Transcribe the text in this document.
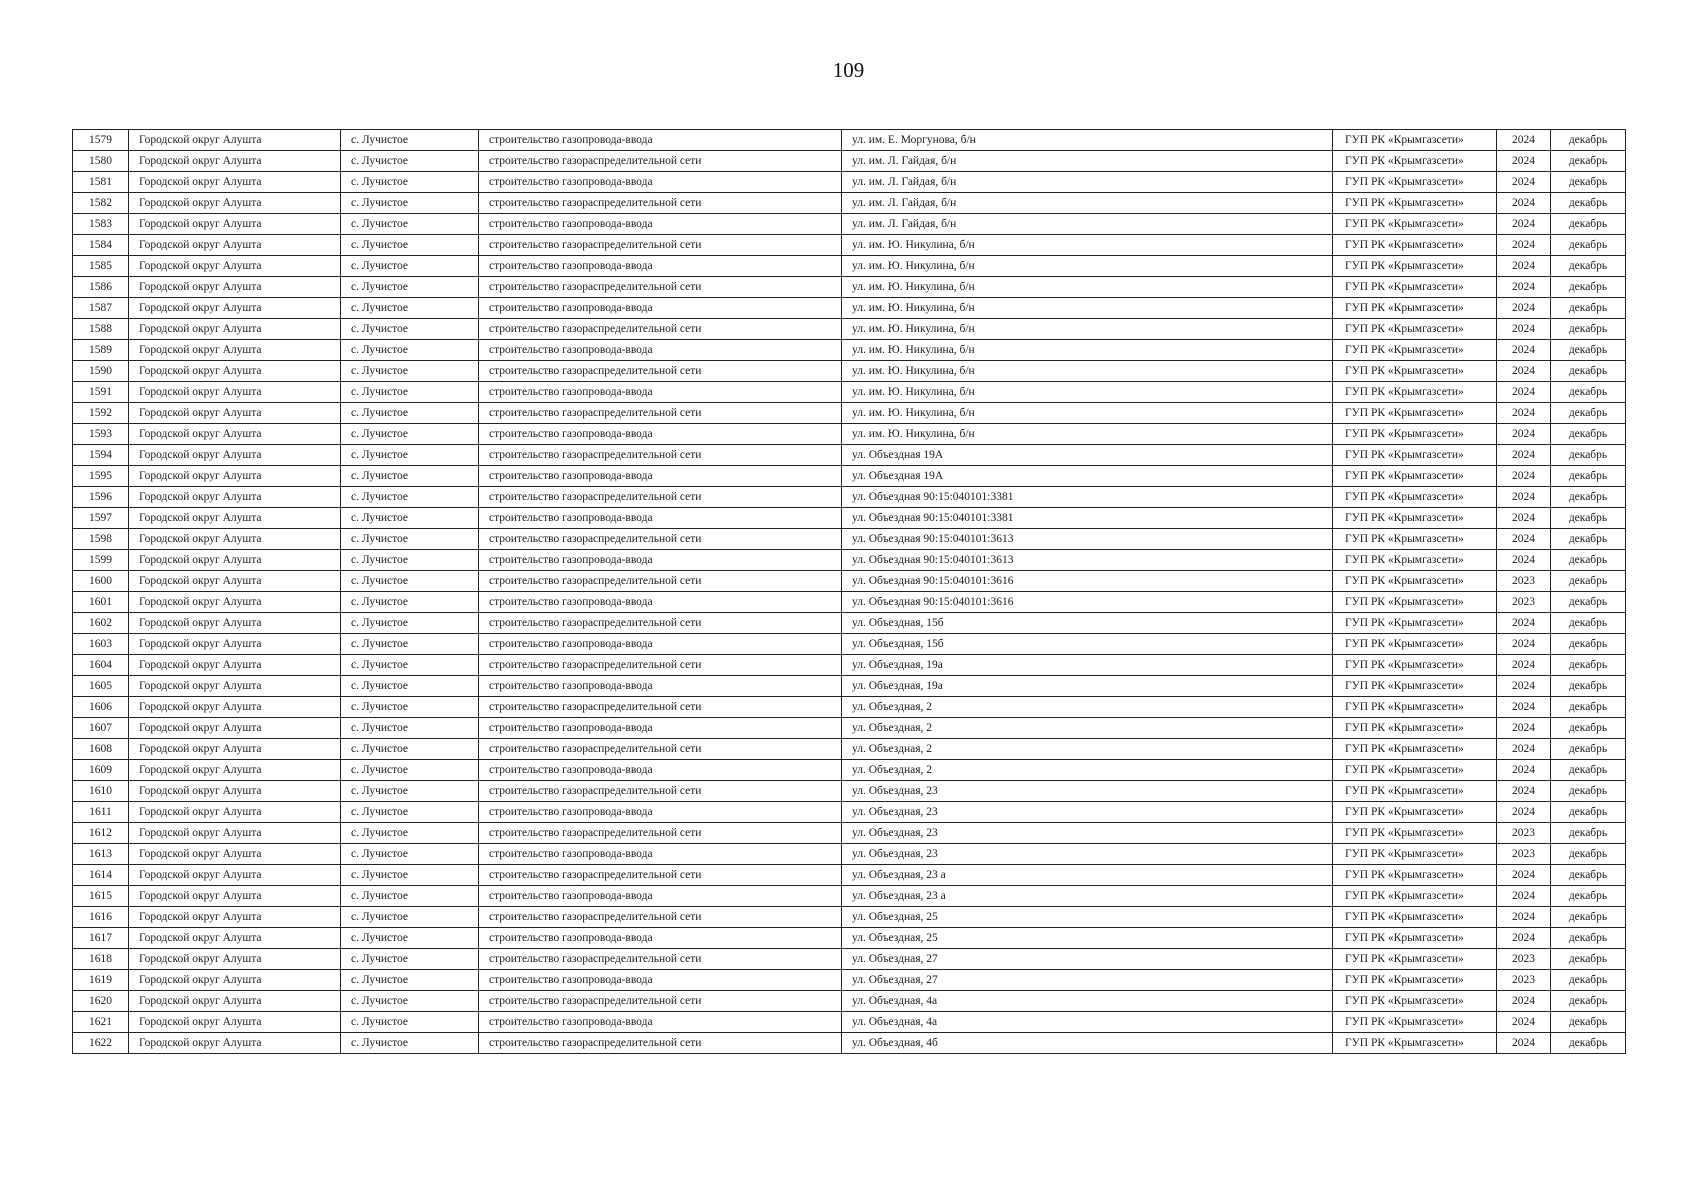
109
1579	Городской округ Алушта	с. Лучистое	строительство газопровода-ввода	ул. им. Е. Моргунова, б/н	ГУП РК «Крымгазсети»	2024	декабрь
1580	Городской округ Алушта	с. Лучистое	строительство газораспределительной сети	ул. им. Л. Гайдая, б/н	ГУП РК «Крымгазсети»	2024	декабрь
1581	Городской округ Алушта	с. Лучистое	строительство газопровода-ввода	ул. им. Л. Гайдая, б/н	ГУП РК «Крымгазсети»	2024	декабрь
1582	Городской округ Алушта	с. Лучистое	строительство газораспределительной сети	ул. им. Л. Гайдая, б/н	ГУП РК «Крымгазсети»	2024	декабрь
1583	Городской округ Алушта	с. Лучистое	строительство газопровода-ввода	ул. им. Л. Гайдая, б/н	ГУП РК «Крымгазсети»	2024	декабрь
1584	Городской округ Алушта	с. Лучистое	строительство газораспределительной сети	ул. им. Ю. Никулина, б/н	ГУП РК «Крымгазсети»	2024	декабрь
1585	Городской округ Алушта	с. Лучистое	строительство газопровода-ввода	ул. им. Ю. Никулина, б/н	ГУП РК «Крымгазсети»	2024	декабрь
1586	Городской округ Алушта	с. Лучистое	строительство газораспределительной сети	ул. им. Ю. Никулина, б/н	ГУП РК «Крымгазсети»	2024	декабрь
1587	Городской округ Алушта	с. Лучистое	строительство газопровода-ввода	ул. им. Ю. Никулина, б/н	ГУП РК «Крымгазсети»	2024	декабрь
1588	Городской округ Алушта	с. Лучистое	строительство газораспределительной сети	ул. им. Ю. Никулина, б/н	ГУП РК «Крымгазсети»	2024	декабрь
1589	Городской округ Алушта	с. Лучистое	строительство газопровода-ввода	ул. им. Ю. Никулина, б/н	ГУП РК «Крымгазсети»	2024	декабрь
1590	Городской округ Алушта	с. Лучистое	строительство газораспределительной сети	ул. им. Ю. Никулина, б/н	ГУП РК «Крымгазсети»	2024	декабрь
1591	Городской округ Алушта	с. Лучистое	строительство газопровода-ввода	ул. им. Ю. Никулина, б/н	ГУП РК «Крымгазсети»	2024	декабрь
1592	Городской округ Алушта	с. Лучистое	строительство газораспределительной сети	ул. им. Ю. Никулина, б/н	ГУП РК «Крымгазсети»	2024	декабрь
1593	Городской округ Алушта	с. Лучистое	строительство газопровода-ввода	ул. им. Ю. Никулина, б/н	ГУП РК «Крымгазсети»	2024	декабрь
1594	Городской округ Алушта	с. Лучистое	строительство газораспределительной сети	ул. Объездная 19А	ГУП РК «Крымгазсети»	2024	декабрь
1595	Городской округ Алушта	с. Лучистое	строительство газопровода-ввода	ул. Объездная 19А	ГУП РК «Крымгазсети»	2024	декабрь
1596	Городской округ Алушта	с. Лучистое	строительство газораспределительной сети	ул. Объездная 90:15:040101:3381	ГУП РК «Крымгазсети»	2024	декабрь
1597	Городской округ Алушта	с. Лучистое	строительство газопровода-ввода	ул. Объездная 90:15:040101:3381	ГУП РК «Крымгазсети»	2024	декабрь
1598	Городской округ Алушта	с. Лучистое	строительство газораспределительной сети	ул. Объездная 90:15:040101:3613	ГУП РК «Крымгазсети»	2024	декабрь
1599	Городской округ Алушта	с. Лучистое	строительство газопровода-ввода	ул. Объездная 90:15:040101:3613	ГУП РК «Крымгазсети»	2024	декабрь
1600	Городской округ Алушта	с. Лучистое	строительство газораспределительной сети	ул. Объездная 90:15:040101:3616	ГУП РК «Крымгазсети»	2023	декабрь
1601	Городской округ Алушта	с. Лучистое	строительство газопровода-ввода	ул. Объездная 90:15:040101:3616	ГУП РК «Крымгазсети»	2023	декабрь
1602	Городской округ Алушта	с. Лучистое	строительство газораспределительной сети	ул. Объездная, 15б	ГУП РК «Крымгазсети»	2024	декабрь
1603	Городской округ Алушта	с. Лучистое	строительство газопровода-ввода	ул. Объездная, 15б	ГУП РК «Крымгазсети»	2024	декабрь
1604	Городской округ Алушта	с. Лучистое	строительство газораспределительной сети	ул. Объездная, 19а	ГУП РК «Крымгазсети»	2024	декабрь
1605	Городской округ Алушта	с. Лучистое	строительство газопровода-ввода	ул. Объездная, 19а	ГУП РК «Крымгазсети»	2024	декабрь
1606	Городской округ Алушта	с. Лучистое	строительство газораспределительной сети	ул. Объездная, 2	ГУП РК «Крымгазсети»	2024	декабрь
1607	Городской округ Алушта	с. Лучистое	строительство газопровода-ввода	ул. Объездная, 2	ГУП РК «Крымгазсети»	2024	декабрь
1608	Городской округ Алушта	с. Лучистое	строительство газораспределительной сети	ул. Объездная, 2	ГУП РК «Крымгазсети»	2024	декабрь
1609	Городской округ Алушта	с. Лучистое	строительство газопровода-ввода	ул. Объездная, 2	ГУП РК «Крымгазсети»	2024	декабрь
1610	Городской округ Алушта	с. Лучистое	строительство газораспределительной сети	ул. Объездная, 23	ГУП РК «Крымгазсети»	2024	декабрь
1611	Городской округ Алушта	с. Лучистое	строительство газопровода-ввода	ул. Объездная, 23	ГУП РК «Крымгазсети»	2024	декабрь
1612	Городской округ Алушта	с. Лучистое	строительство газораспределительной сети	ул. Объездная, 23	ГУП РК «Крымгазсети»	2023	декабрь
1613	Городской округ Алушта	с. Лучистое	строительство газопровода-ввода	ул. Объездная, 23	ГУП РК «Крымгазсети»	2023	декабрь
1614	Городской округ Алушта	с. Лучистое	строительство газораспределительной сети	ул. Объездная, 23 а	ГУП РК «Крымгазсети»	2024	декабрь
1615	Городской округ Алушта	с. Лучистое	строительство газопровода-ввода	ул. Объездная, 23 а	ГУП РК «Крымгазсети»	2024	декабрь
1616	Городской округ Алушта	с. Лучистое	строительство газораспределительной сети	ул. Объездная, 25	ГУП РК «Крымгазсети»	2024	декабрь
1617	Городской округ Алушта	с. Лучистое	строительство газопровода-ввода	ул. Объездная, 25	ГУП РК «Крымгазсети»	2024	декабрь
1618	Городской округ Алушта	с. Лучистое	строительство газораспределительной сети	ул. Объездная, 27	ГУП РК «Крымгазсети»	2023	декабрь
1619	Городской округ Алушта	с. Лучистое	строительство газопровода-ввода	ул. Объездная, 27	ГУП РК «Крымгазсети»	2023	декабрь
1620	Городской округ Алушта	с. Лучистое	строительство газораспределительной сети	ул. Объездная, 4а	ГУП РК «Крымгазсети»	2024	декабрь
1621	Городской округ Алушта	с. Лучистое	строительство газопровода-ввода	ул. Объездная, 4а	ГУП РК «Крымгазсети»	2024	декабрь
1622	Городской округ Алушта	с. Лучистое	строительство газораспределительной сети	ул. Объездная, 4б	ГУП РК «Крымгазсети»	2024	декабрь
